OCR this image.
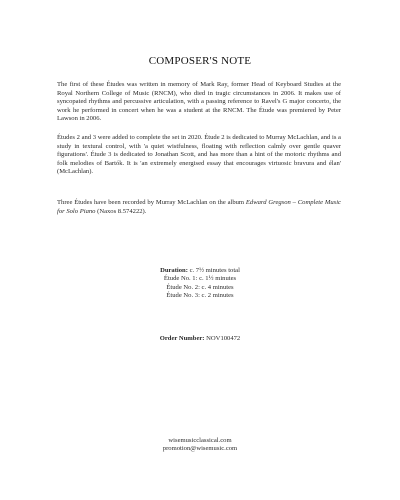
COMPOSER'S NOTE
The first of these Études was written in memory of Mark Ray, former Head of Keyboard Studies at the Royal Northern College of Music (RNCM), who died in tragic circumstances in 2006. It makes use of syncopated rhythms and percussive articulation, with a passing reference to Ravel's G major concerto, the work he performed in concert when he was a student at the RNCM. The Étude was premiered by Peter Lawson in 2006.
Études 2 and 3 were added to complete the set in 2020. Étude 2 is dedicated to Murray McLachlan, and is a study in textural control, with 'a quiet wistfulness, floating with reflection calmly over gentle quaver figurations'. Étude 3 is dedicated to Jonathan Scott, and has more than a hint of the motoric rhythms and folk melodies of Bartók. It is 'an extremely energised essay that encourages virtuosic bravura and élan' (McLachlan).
Three Études have been recorded by Murray McLachlan on the album Edward Gregson – Complete Music for Solo Piano (Naxos 8.574222).
Duration: c. 7½ minutes total
Étude No. 1: c. 1½ minutes
Étude No. 2: c. 4 minutes
Étude No. 3: c. 2 minutes
Order Number: NOV100472
wisemusicclassical.com
promotion@wisemusic.com
